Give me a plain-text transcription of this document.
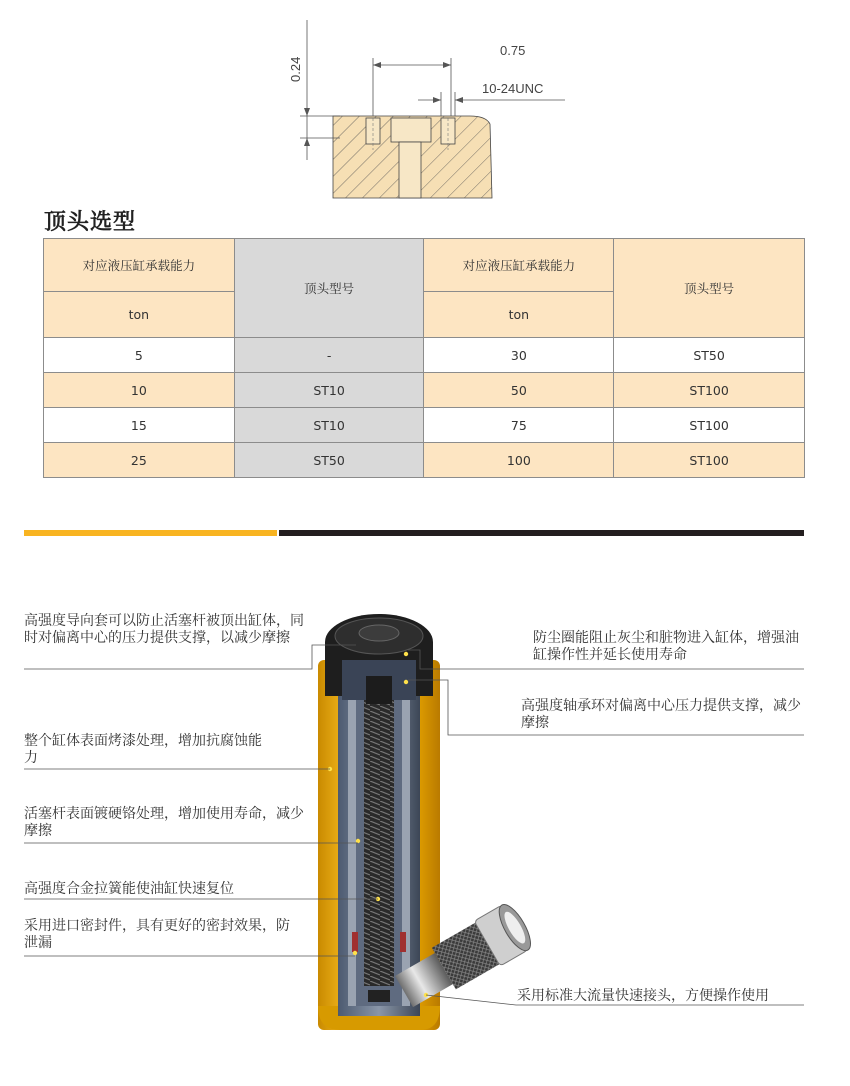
0.24
0.75
10-24UNC
顶头选型
对应液压缸承载能力	顶头型号	对应液压缸承载能力	顶头型号
ton		ton	
5	-	30	ST50
10	ST10	50	ST100
15	ST10	75	ST100
25	ST50	100	ST100
高强度导向套可以防止活塞杆被顶出缸体，同时对偏离中心的压力提供支撑，以减少摩擦	防尘圈能阻止灰尘和脏物进入缸体，增强油缸操作性并延长使用寿命
高强度轴承环对偏离中心压力提供支撑，减少摩擦
整个缸体表面烤漆处理，增加抗腐蚀能力
活塞杆表面镀硬铬处理，增加使用寿命，减少摩擦
高强度合金拉簧能使油缸快速复位
采用进口密封件，具有更好的密封效果，防泄漏
采用标准大流量快速接头，方便操作使用
